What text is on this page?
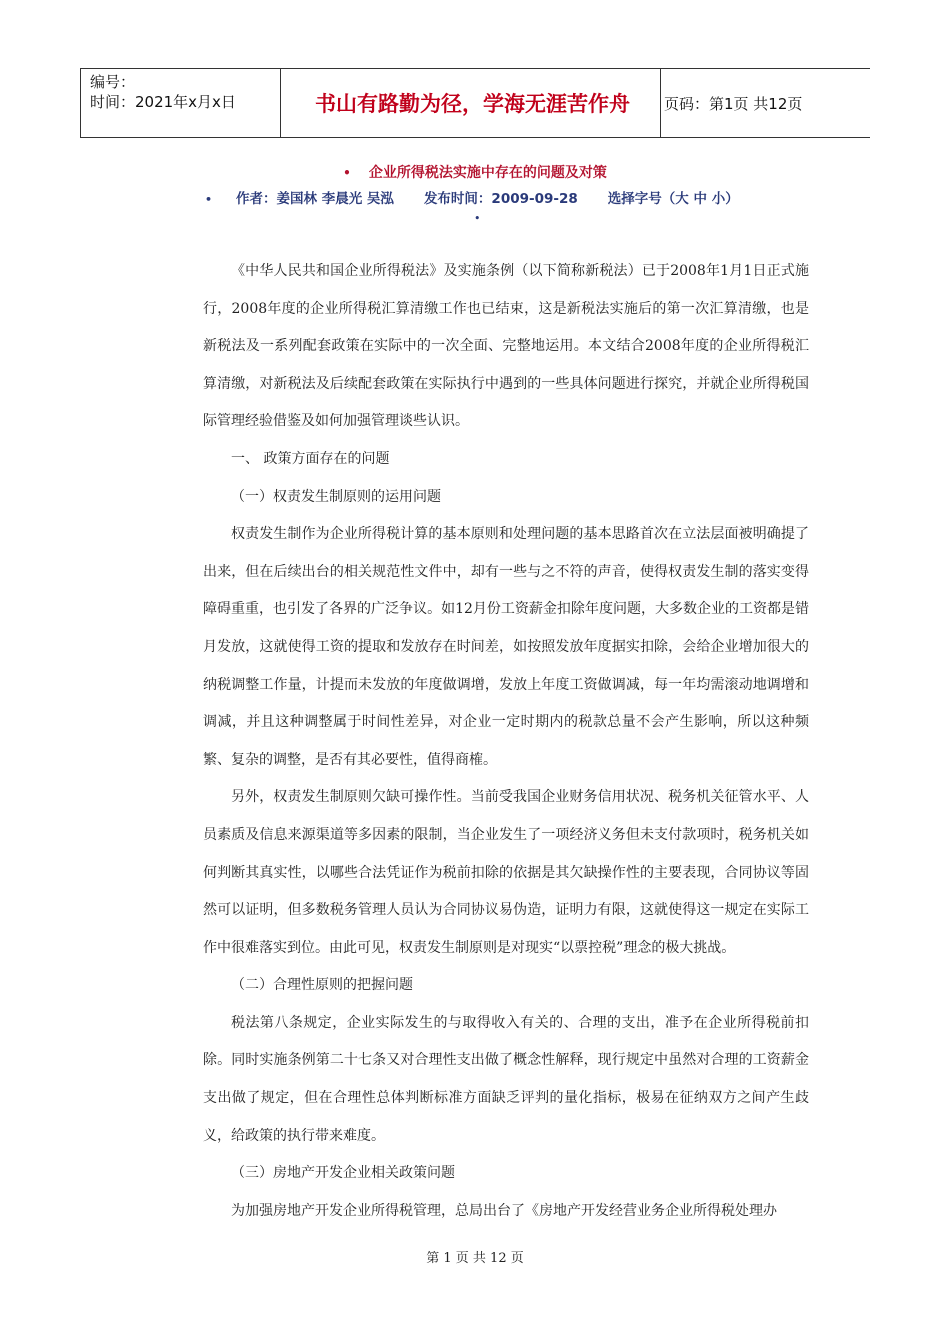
编号：
时间：2021年x月x日	书山有路勤为径，学海无涯苦作舟	页码：第1页 共12页
• 企业所得税法实施中存在的问题及对策
• 作者：姜国林 李晨光 吴泓 发布时间：2009-09-28 选择字号（大 中 小）
•

《中华人民共和国企业所得税法》及实施条例（以下简称新税法）已于2008年1月1日正式施行，2008年度的企业所得税汇算清缴工作也已结束，这是新税法实施后的第一次汇算清缴，也是新税法及一系列配套政策在实际中的一次全面、完整地运用。本文结合2008年度的企业所得税汇算清缴，对新税法及后续配套政策在实际执行中遇到的一些具体问题进行探究，并就企业所得税国际管理经验借鉴及如何加强管理谈些认识。

一、 政策方面存在的问题

（一）权责发生制原则的运用问题

权责发生制作为企业所得税计算的基本原则和处理问题的基本思路首次在立法层面被明确提了出来，但在后续出台的相关规范性文件中，却有一些与之不符的声音，使得权责发生制的落实变得障碍重重，也引发了各界的广泛争议。如12月份工资薪金扣除年度问题，大多数企业的工资都是错月发放，这就使得工资的提取和发放存在时间差，如按照发放年度据实扣除，会给企业增加很大的纳税调整工作量，计提而未发放的年度做调增，发放上年度工资做调减，每一年均需滚动地调增和调减，并且这种调整属于时间性差异，对企业一定时期内的税款总量不会产生影响，所以这种频繁、复杂的调整，是否有其必要性，值得商榷。

另外，权责发生制原则欠缺可操作性。当前受我国企业财务信用状况、税务机关征管水平、人员素质及信息来源渠道等多因素的限制，当企业发生了一项经济义务但未支付款项时，税务机关如何判断其真实性，以哪些合法凭证作为税前扣除的依据是其欠缺操作性的主要表现，合同协议等固然可以证明，但多数税务管理人员认为合同协议易伪造，证明力有限，这就使得这一规定在实际工作中很难落实到位。由此可见，权责发生制原则是对现实“以票控税”理念的极大挑战。

（二）合理性原则的把握问题

税法第八条规定，企业实际发生的与取得收入有关的、合理的支出，准予在企业所得税前扣除。同时实施条例第二十七条又对合理性支出做了概念性解释，现行规定中虽然对合理的工资薪金支出做了规定，但在合理性总体判断标准方面缺乏评判的量化指标，极易在征纳双方之间产生歧义，给政策的执行带来难度。

（三）房地产开发企业相关政策问题

为加强房地产开发企业所得税管理，总局出台了《房地产开发经营业务企业所得税处理办

第 1 页 共 12 页
